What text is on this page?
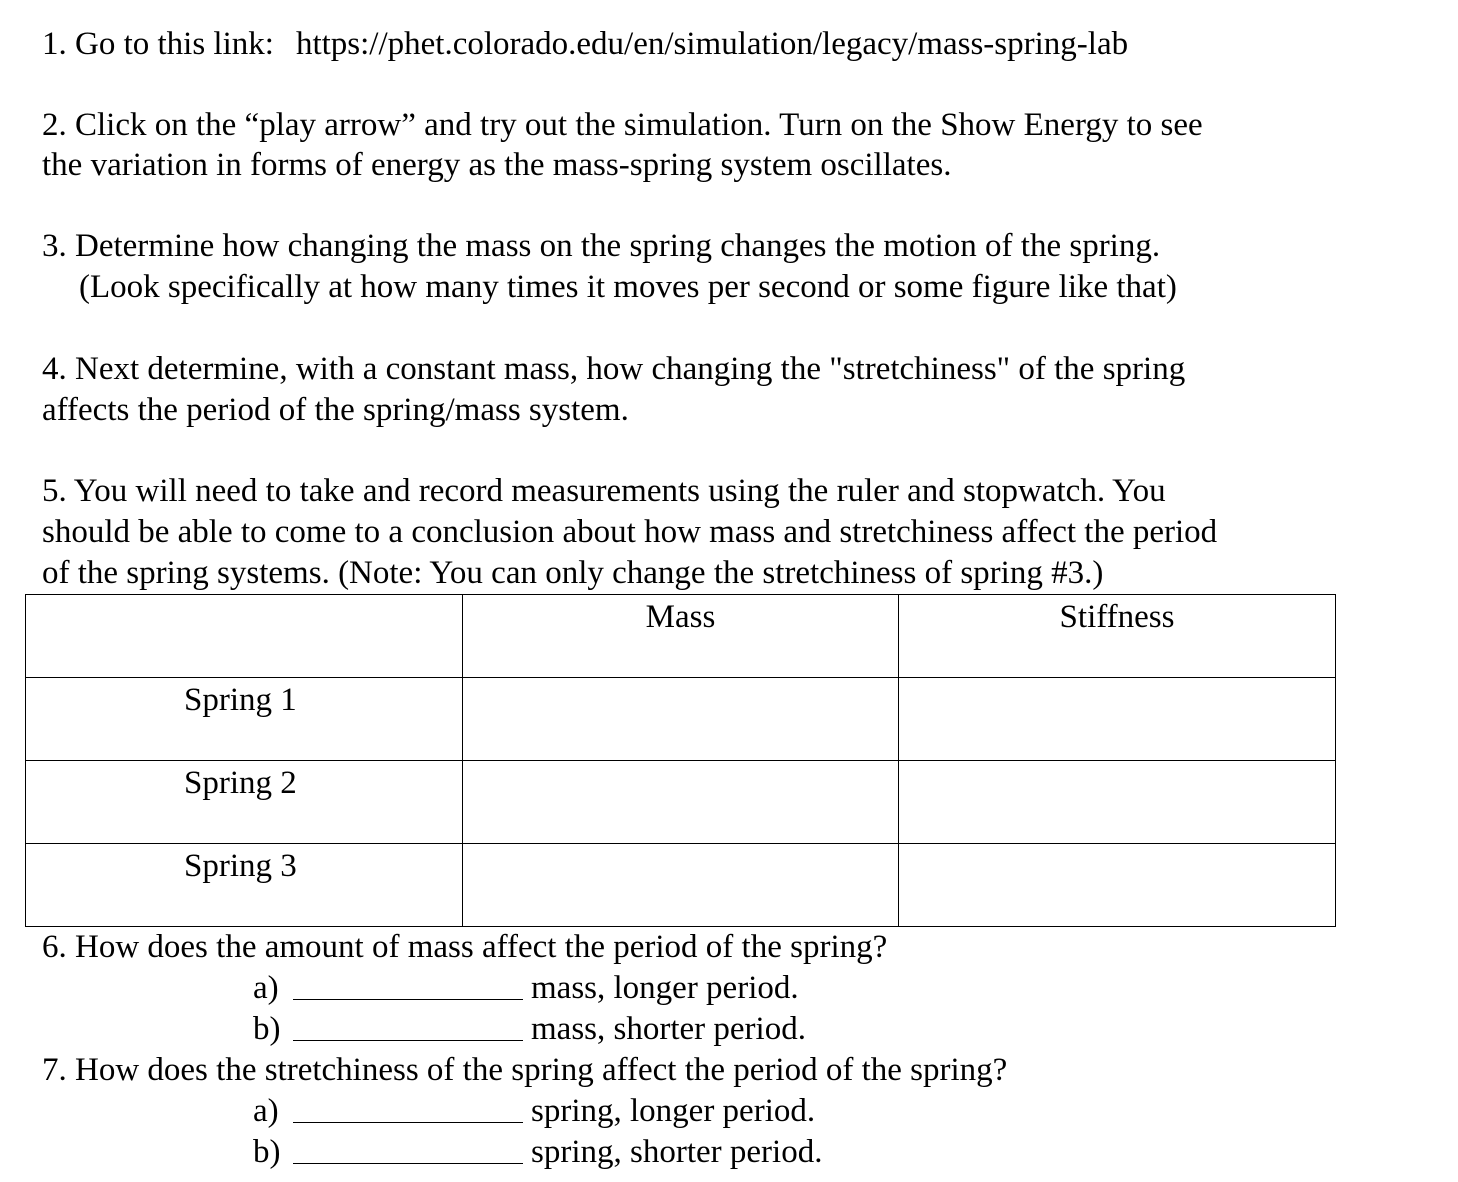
1. Go to this link: https://phet.colorado.edu/en/simulation/legacy/mass-spring-lab
2. Click on the “play arrow” and try out the simulation. Turn on the Show Energy to see
the variation in forms of energy as the mass-spring system oscillates.
3. Determine how changing the mass on the spring changes the motion of the spring.
(Look specifically at how many times it moves per second or some figure like that)
4. Next determine, with a constant mass, how changing the "stretchiness" of the spring
affects the period of the spring/mass system.
5. You will need to take and record measurements using the ruler and stopwatch. You
should be able to come to a conclusion about how mass and stretchiness affect the period
of the spring systems. (Note: You can only change the stretchiness of spring #3.)
	Mass	Stiffness
Spring 1		
Spring 2		
Spring 3		
6. How does the amount of mass affect the period of the spring?
a)	mass, longer period.
b)	mass, shorter period.
7. How does the stretchiness of the spring affect the period of the spring?
a)	spring, longer period.
b)	spring, shorter period.
